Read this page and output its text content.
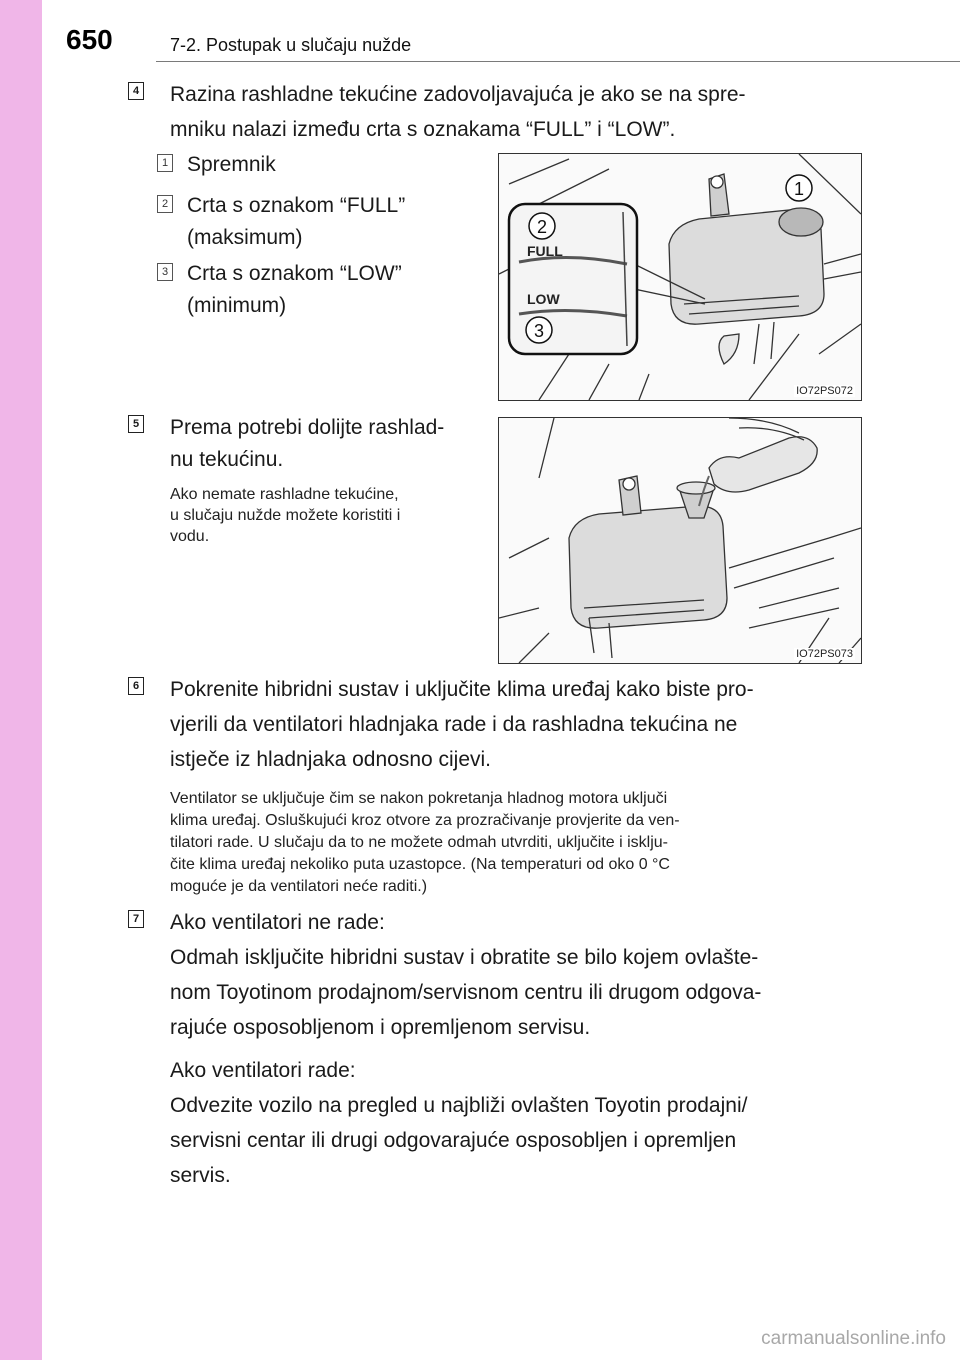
650	7-2. Postupak u slučaju nužde
4 Razina rashladne tekućine zadovoljavajuća je ako se na spre-

mniku nalazi između crta s oznakama “FULL” i “LOW”.

1 Spremnik

2 Crta s oznakom “FULL”

(maksimum)

3 Crta s oznakom “LOW”

(minimum)

FULL
LOW
2
3
1
IO72PS072
5 Prema potrebi dolijte rashlad-

nu tekućinu.

Ako nemate rashladne tekućine,

u slučaju nužde možete koristiti i

vodu.

IO72PS073
6 Pokrenite hibridni sustav i uključite klima uređaj kako biste pro-

vjerili da ventilatori hladnjaka rade i da rashladna tekućina ne

istječe iz hladnjaka odnosno cijevi.

Ventilator se uključuje čim se nakon pokretanja hladnog motora uključi

klima uređaj. Osluškujući kroz otvore za prozračivanje provjerite da ven-

tilatori rade. U slučaju da to ne možete odmah utvrditi, uključite i isklju-

čite klima uređaj nekoliko puta uzastopce. (Na temperaturi od oko 0 °C

moguće je da ventilatori neće raditi.)

7 Ako ventilatori ne rade:

Odmah isključite hibridni sustav i obratite se bilo kojem ovlašte-

nom Toyotinom prodajnom/servisnom centru ili drugom odgova-

rajuće osposobljenom i opremljenom servisu.

Ako ventilatori rade:

Odvezite vozilo na pregled u najbliži ovlašten Toyotin prodajni/

servisni centar ili drugi odgovarajuće osposobljen i opremljen

servis.

carmanualsonline.info
